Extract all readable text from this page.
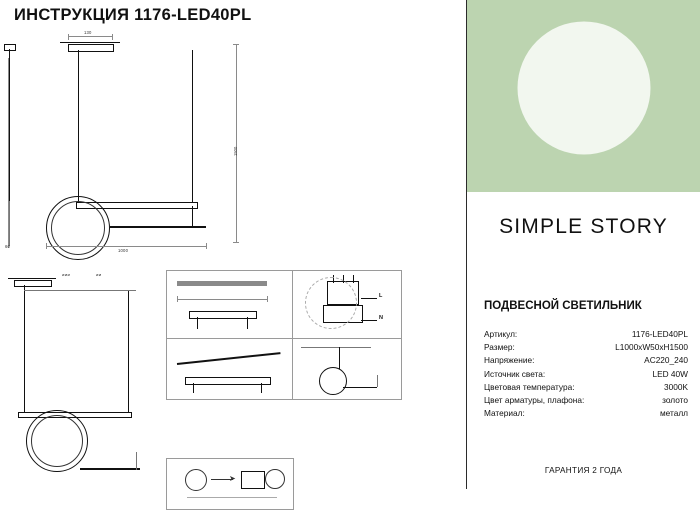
ИНСТРУКЦИЯ 1176-LED40PL
130
1500
1000
60
⌀⌀⌀	⌀⌀
L
N
➤
SIMPLE STORY
ПОДВЕСНОЙ СВЕТИЛЬНИК
Артикул:	1176-LED40PL
Размер:	L1000xW50xH1500
Напряжение:	AC220_240
Источник света:	LED 40W
Цветовая температура:	3000K
Цвет арматуры, плафона:	золото
Материал:	металл
ГАРАНТИЯ 2 ГОДА
